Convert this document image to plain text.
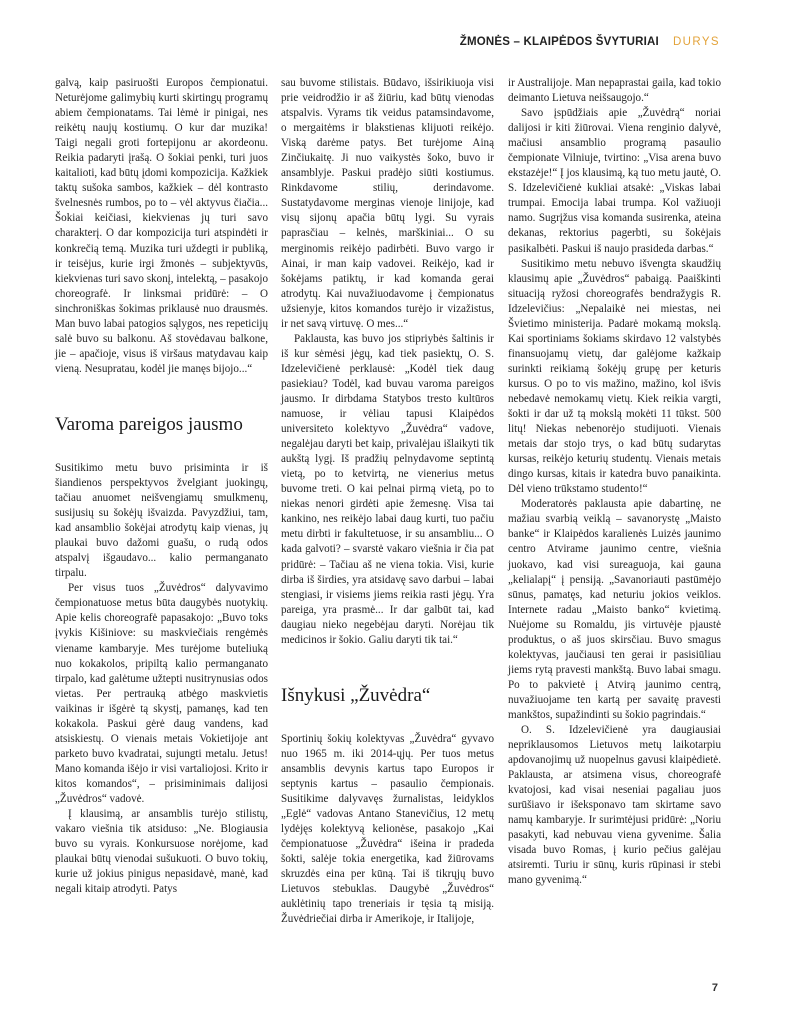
ŽMONĖS – KLAIPĖDOS ŠVYTURIAI DURYS

galvą, kaip pasiruošti Europos čempionatui. Neturėjome galimybių kurti skirtingų programų abiem čempionatams. Tai lėmė ir pinigai, nes reikėtų naujų kostiumų. O kur dar muzika! Taigi negali groti fortepijonu ar akordeonu. Reikia padaryti įrašą. O šokiai penki, turi juos kaitalioti, kad būtų įdomi kompozicija. Kažkiek taktų sušoka sambos, kažkiek – dėl kontrasto švelnesnės rumbos, po to – vėl aktyvus čiačia... Šokiai keičiasi, kiekvienas jų turi savo charakterį. O dar kompozicija turi atspindėti ir konkrečią temą. Muzika turi uždegti ir publiką, ir teisėjus, kurie irgi žmonės – subjektyvūs, kiekvienas turi savo skonį, intelektą, – pasakojo choreografė. Ir linksmai pridūrė: – O sinchroniškas šokimas priklausė nuo drausmės. Man buvo labai patogios sąlygos, nes repeticijų salė buvo su balkonu. Aš stovėdavau balkone, jie – apačioje, visus iš viršaus matydavau kaip vieną. Nesupratau, kodėl jie manęs bijojo...“

Varoma pareigos jausmo

Susitikimo metu buvo prisiminta ir iš šiandienos perspektyvos žvelgiant juokingų, tačiau anuomet neišvengiamų smulkmenų, susijusių su šokėjų išvaizda. Pavyzdžiui, tam, kad ansamblio šokėjai atrodytų kaip vienas, jų plaukai buvo dažomi guašu, o rudą odos atspalvį išgaudavo... kalio permanganato tirpalu.

Per visus tuos „Žuvėdros“ dalyvavimo čempionatuose metus būta daugybės nuotykių. Apie kelis choreografė papasakojo: „Buvo toks įvykis Kišiniove: su maskviečiais rengėmės viename kambaryje. Mes turėjome buteliuką nuo kokakolos, pripiltą kalio permanganato tirpalo, kad galėtume užtepti nusitrynusias odos vietas. Per pertrauką atbėgo maskvietis vaikinas ir išgėrė tą skystį, pamanęs, kad ten kokakola. Paskui gėrė daug vandens, kad atsiskiestų. O vienais metais Vokietijoje ant parketo buvo kvadratai, sujungti metalu. Jetus! Mano komanda išėjo ir visi vartaliojosi. Krito ir kitos komandos“, – prisiminimais dalijosi „Žuvėdros“ vadovė.

Į klausimą, ar ansamblis turėjo stilistų, vakaro viešnia tik atsiduso: „Ne. Blogiausia buvo su vyrais. Konkursuose norėjome, kad plaukai būtų vienodai sušukuoti. O buvo tokių, kurie už jokius pinigus nepasidavė, manė, kad negali kitaip atrodyti. Patys

sau buvome stilistais. Būdavo, išsirikiuoja visi prie veidrodžio ir aš žiūriu, kad būtų vienodas atspalvis. Vyrams tik veidus patamsindavome, o mergaitėms ir blakstienas klijuoti reikėjo. Viską darėme patys. Bet turėjome Ainą Zinčiukaitę. Ji nuo vaikystės šoko, buvo ir ansamblyje. Paskui pradėjo siūti kostiumus. Rinkdavome stilių, derindavome. Sustatydavome merginas vienoje linijoje, kad visų sijonų apačia būtų lygi. Su vyrais paprasčiau – kelnės, marškiniai... O su merginomis reikėjo padirbėti. Buvo vargo ir Ainai, ir man kaip vadovei. Reikėjo, kad ir šokėjams patiktų, ir kad komanda gerai atrodytų. Kai nuvažiuodavome į čempionatus užsienyje, kitos komandos turėjo ir vizažistus, ir net savą virtuvę. O mes...“

Paklausta, kas buvo jos stipriybės šaltinis ir iš kur sėmėsi jėgų, kad tiek pasiektų, O. S. Idzelevičienė perklausė: „Kodėl tiek daug pasiekiau? Todėl, kad buvau varoma pareigos jausmo. Ir dirbdama Statybos tresto kultūros namuose, ir vėliau tapusi Klaipėdos universiteto kolektyvo „Žuvėdra“ vadove, negalėjau daryti bet kaip, privalėjau išlaikyti tik aukštą lygį. Iš pradžių pelnydavome septintą vietą, po to ketvirtą, ne vienerius metus buvome treti. O kai pelnai pirmą vietą, po to niekas nenori girdėti apie žemesnę. Visa tai kankino, nes reikėjo labai daug kurti, tuo pačiu metu dirbti ir fakultetuose, ir su ansambliu... O kada galvoti? – svarstė vakaro viešnia ir čia pat pridūrė: – Tačiau aš ne viena tokia. Visi, kurie dirba iš širdies, yra atsidavę savo darbui – labai stengiasi, ir visiems jiems reikia rasti jėgų. Yra pareiga, yra prasmė... Ir dar galbūt tai, kad daugiau nieko negebėjau daryti. Norėjau tik medicinos ir šokio. Galiu daryti tik tai.“

Išnykusi „Žuvėdra“

Sportinių šokių kolektyvas „Žuvėdra“ gyvavo nuo 1965 m. iki 2014-ųjų. Per tuos metus ansamblis devynis kartus tapo Europos ir septynis kartus – pasaulio čempionais. Susitikime dalyvavęs žurnalistas, leidyklos „Eglė“ vadovas Antano Stanevičius, 12 metų lydėjęs kolektyvą kelionėse, pasakojo „Kai čempionatuose „Žuvėdra“ išeina ir pradeda šokti, salėje tokia energetika, kad žiūrovams skruzdės eina per kūną. Tai iš tikrųjų buvo Lietuvos stebuklas. Daugybė „Žuvėdros“ auklėtinių tapo treneriais ir tęsia tą misiją. Žuvėdriečiai dirba ir Amerikoje, ir Italijoje,

ir Australijoje. Man nepaprastai gaila, kad tokio deimanto Lietuva neišsaugojo.“

Savo įspūdžiais apie „Žuvėdrą“ noriai dalijosi ir kiti žiūrovai. Viena renginio dalyvė, mačiusi ansamblio programą pasaulio čempionate Vilniuje, tvirtino: „Visa arena buvo ekstazėje!“ Į jos klausimą, ką tuo metu jautė, O. S. Idzelevičienė kukliai atsakė: „Viskas labai trumpai. Emocija labai trumpa. Kol važiuoji namo. Sugrįžus visa komanda susirenka, ateina dekanas, rektorius pagerbti, su šokėjais pasikalbėti. Paskui iš naujo prasideda darbas.“

Susitikimo metu nebuvo išvengta skaudžių klausimų apie „Žuvėdros“ pabaigą. Paaiškinti situaciją ryžosi choreografės bendražygis R. Idzelevičius: „Nepalaikė nei miestas, nei Švietimo ministerija. Padarė mokamą mokslą. Kai sportiniams šokiams skirdavo 12 valstybės finansuojamų vietų, dar galėjome kažkaip surinkti reikiamą šokėjų grupę per keturis kursus. O po to vis mažino, mažino, kol išvis nebedavė nemokamų vietų. Kiek reikia vargti, šokti ir dar už tą mokslą mokėti 11 tūkst. 500 litų! Niekas nebenorėjo studijuoti. Vienais metais dar stojo trys, o kad būtų sudarytas kursas, reikėjo keturių studentų. Vienais metais dingo kursas, kitais ir katedra buvo panaikinta. Dėl vieno trūkstamo studento!“

Moderatorės paklausta apie dabartinę, ne mažiau svarbią veiklą – savanorystę „Maisto banke“ ir Klaipėdos karalienės Luizės jaunimo centro Atvirame jaunimo centre, viešnia juokavo, kad visi sureaguoja, kai gauna „kelialapį“ į pensiją. „Savanoriauti pastūmėjo sūnus, pamatęs, kad neturiu jokios veiklos. Internete radau „Maisto banko“ kvietimą. Nuėjome su Romaldu, jis virtuvėje pjaustė produktus, o aš juos skirsčiau. Buvo smagus kolektyvas, jaučiausi ten gerai ir pasisiūliau jiems rytą pravesti mankštą. Buvo labai smagu. Po to pakvietė į Atvirą jaunimo centrą, nuvažiuojame ten kartą per savaitę pravesti mankštos, supažindinti su šokio pagrindais.“

O. S. Idzelevičienė yra daugiausiai nepriklausomos Lietuvos metų laikotarpiu apdovanojimų už nuopelnus gavusi klaipėdietė. Paklausta, ar atsimena visus, choreografė kvatojosi, kad visai neseniai pagaliau juos surūšiavo ir išeksponavo tam skirtame savo namų kambaryje. Ir surimtėjusi pridūrė: „Noriu pasakyti, kad nebuvau viena gyvenime. Šalia visada buvo Romas, į kurio pečius galėjau atsiremti. Turiu ir sūnų, kuris rūpinasi ir stebi mano gyvenimą.“

7
